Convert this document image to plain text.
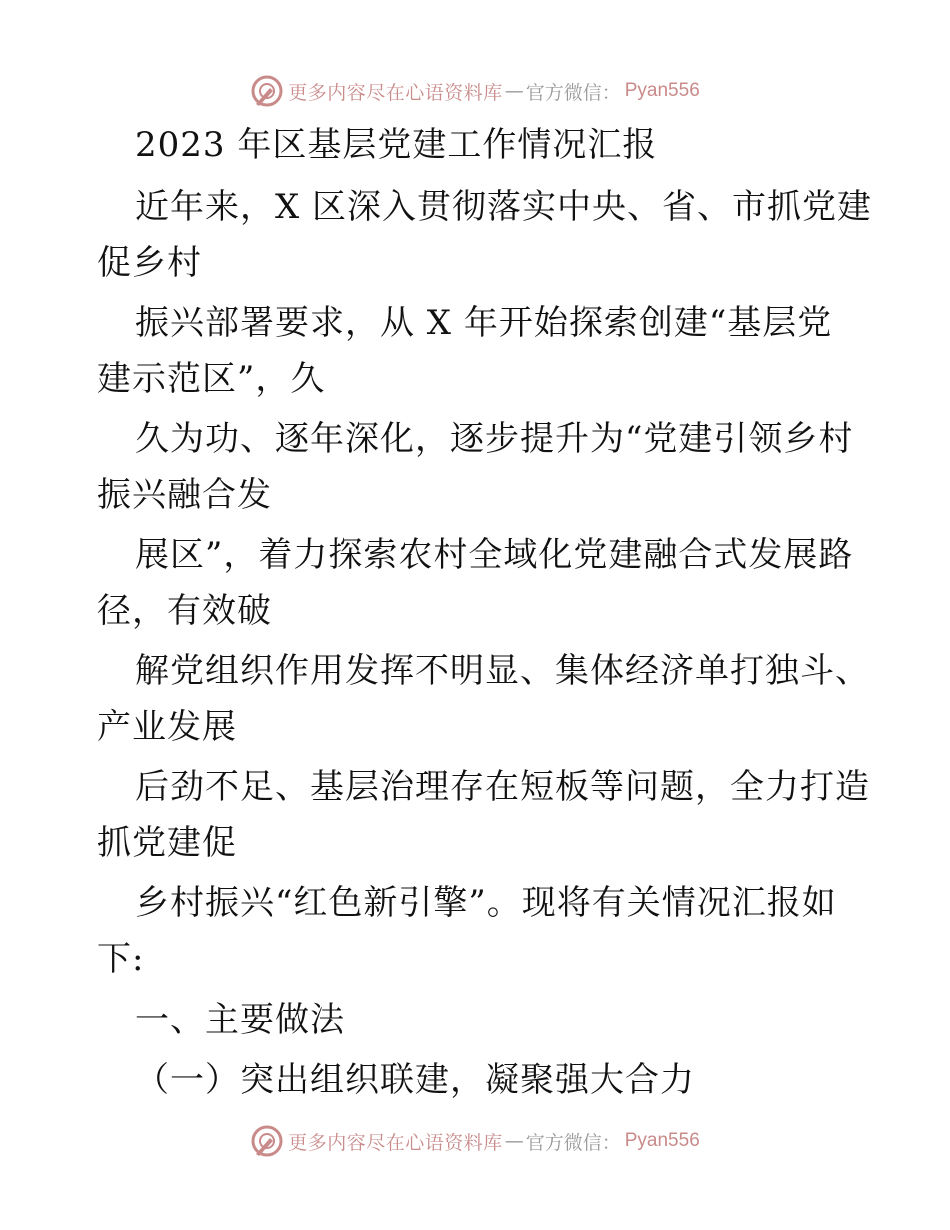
更多内容尽在心语资料库 — 官方微信： Pyan556
2023 年区基层党建工作情况汇报
近年来，X 区深入贯彻落实中央、省、市抓党建
促乡村
振兴部署要求，从 X 年开始探索创建“基层党
建示范区”，久
久为功、逐年深化，逐步提升为“党建引领乡村
振兴融合发
展区”，着力探索农村全域化党建融合式发展路
径，有效破
解党组织作用发挥不明显、集体经济单打独斗、
产业发展
后劲不足、基层治理存在短板等问题，全力打造
抓党建促
乡村振兴“红色新引擎”。现将有关情况汇报如
下:
一、主要做法
（一）突出组织联建，凝聚强大合力
更多内容尽在心语资料库 — 官方微信： Pyan556
